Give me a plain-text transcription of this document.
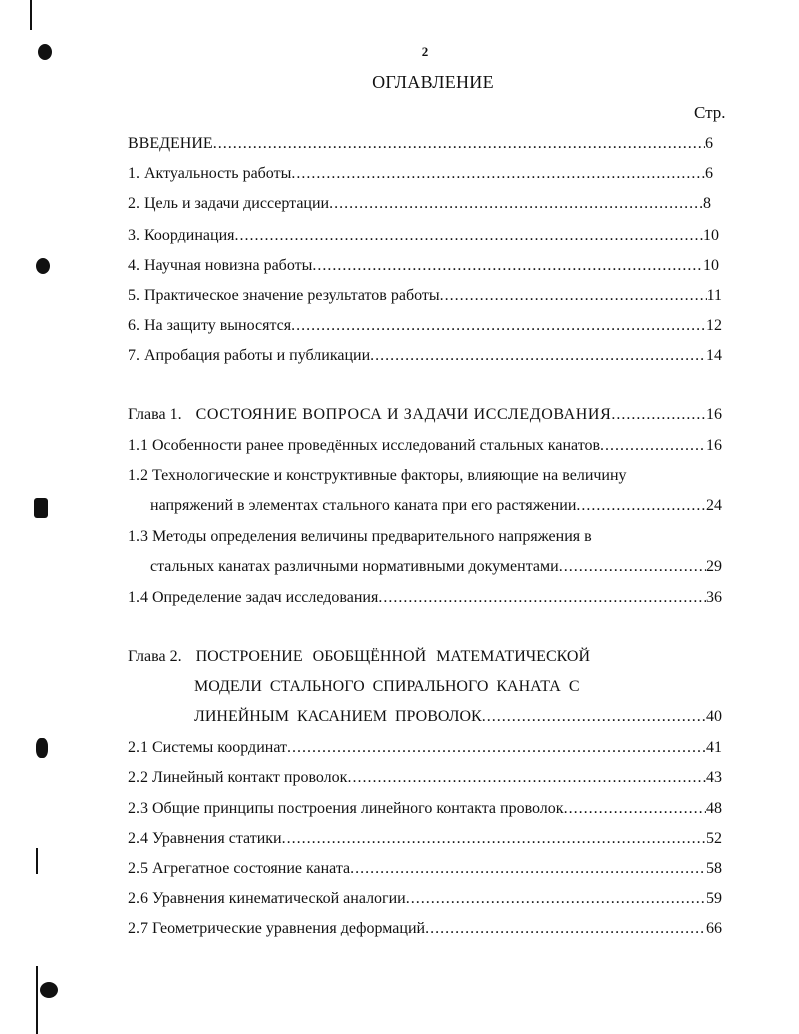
2
ОГЛАВЛЕНИЕ
Стр.
ВВЕДЕНИЕ .....	6
1. Актуальность работы .....	6
2. Цель и задачи диссертации .....	8
3. Координация .....	10
4. Научная новизна работы .....	10
5. Практическое значение результатов работы .....	11
6. На защиту выносятся .....	12
7. Апробация работы и публикации .....	14
Глава 1. СОСТОЯНИЕ ВОПРОСА И ЗАДАЧИ ИССЛЕДОВАНИЯ .....	16
1.1 Особенности ранее проведённых исследований стальных канатов .....	16
1.2 Технологические и конструктивные факторы, влияющие на величину
напряжений в элементах стального каната при его растяжении .....	24
1.3 Методы определения величины предварительного напряжения в
стальных канатах различными нормативными документами .....	29
1.4 Определение задач исследования .....	36
Глава 2. ПОСТРОЕНИЕ ОБОБЩЁННОЙ МАТЕМАТИЧЕСКОЙ
МОДЕЛИ СТАЛЬНОГО СПИРАЛЬНОГО КАНАТА С
ЛИНЕЙНЫМ КАСАНИЕМ ПРОВОЛОК .....	40
2.1 Системы координат .....	41
2.2 Линейный контакт проволок .....	43
2.3 Общие принципы построения линейного контакта проволок .....	48
2.4 Уравнения статики .....	52
2.5 Агрегатное состояние каната .....	58
2.6 Уравнения кинематической аналогии .....	59
2.7 Геометрические уравнения деформаций .....	66
